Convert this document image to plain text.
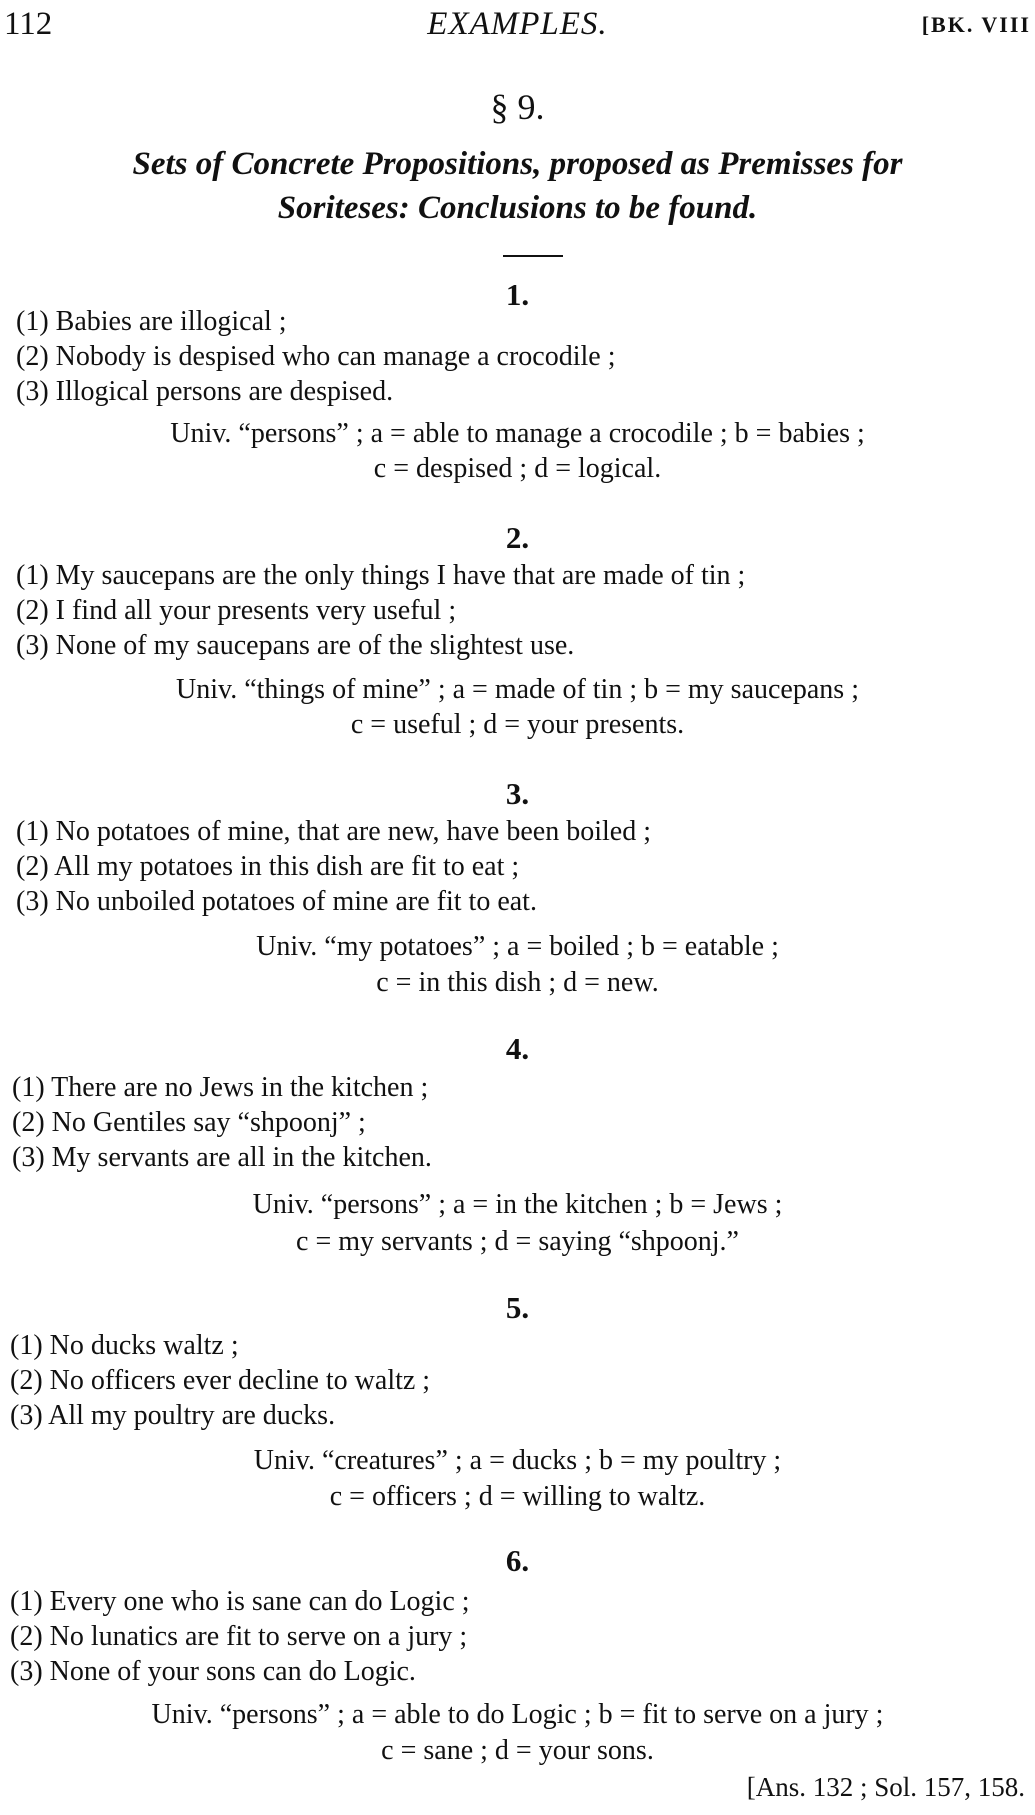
112	EXAMPLES.	[BK. VIII
§ 9.
Sets of Concrete Propositions, proposed as Premisses for
Soriteses: Conclusions to be found.
1.
(1) Babies are illogical ;
(2) Nobody is despised who can manage a crocodile ;
(3) Illogical persons are despised.
Univ. “persons” ; a = able to manage a crocodile ; b = babies ;
c = despised ; d = logical.
2.
(1) My saucepans are the only things I have that are made of tin ;
(2) I find all your presents very useful ;
(3) None of my saucepans are of the slightest use.
Univ. “things of mine” ; a = made of tin ; b = my saucepans ;
c = useful ; d = your presents.
3.
(1) No potatoes of mine, that are new, have been boiled ;
(2) All my potatoes in this dish are fit to eat ;
(3) No unboiled potatoes of mine are fit to eat.
Univ. “my potatoes” ; a = boiled ; b = eatable ;
c = in this dish ; d = new.
4.
(1) There are no Jews in the kitchen ;
(2) No Gentiles say “shpoonj” ;
(3) My servants are all in the kitchen.
Univ. “persons” ; a = in the kitchen ; b = Jews ;
c = my servants ; d = saying “shpoonj.”
5.
(1) No ducks waltz ;
(2) No officers ever decline to waltz ;
(3) All my poultry are ducks.
Univ. “creatures” ; a = ducks ; b = my poultry ;
c = officers ; d = willing to waltz.
6.
(1) Every one who is sane can do Logic ;
(2) No lunatics are fit to serve on a jury ;
(3) None of your sons can do Logic.
Univ. “persons” ; a = able to do Logic ; b = fit to serve on a jury ;
c = sane ; d = your sons.
[Ans. 132 ; Sol. 157, 158.
